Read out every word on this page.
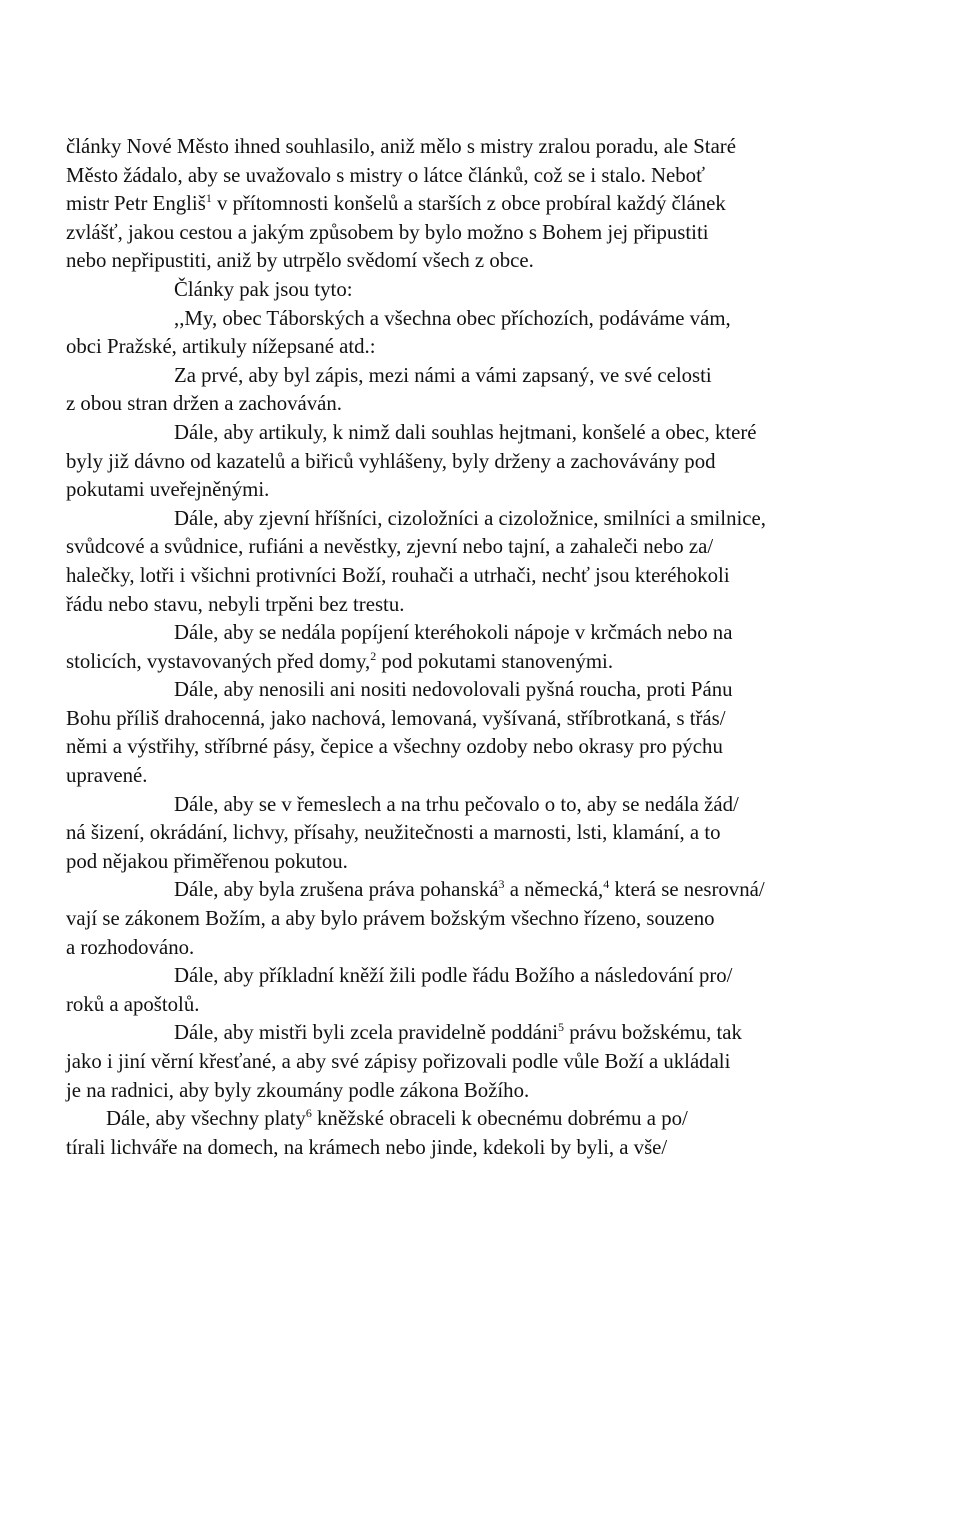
články Nové Město ihned souhlasilo, aniž mělo s mistry zralou poradu, ale Staré
Město žádalo, aby se uvažovalo s mistry o látce článků, což se i stalo. Neboť
mistr Petr Engliš$^1$ v přítomnosti konšelů a starších z obce probíral každý článek
zvlášť, jakou cestou a jakým způsobem by bylo možno s Bohem jej připustiti
nebo nepřipustiti, aniž by utrpělo svědomí všech z obce.
Články pak jsou tyto:
,,My, obec Táborských a všechna obec příchozích, podáváme vám,
obci Pražské, artikuly nížepsané atd.:
Za prvé, aby byl zápis, mezi námi a vámi zapsaný, ve své celosti
z obou stran držen a zachováván.
Dále, aby artikuly, k nimž dali souhlas hejtmani, konšelé a obec, které
byly již dávno od kazatelů a biřiců vyhlášeny, byly drženy a zachovávány pod
pokutami uveřejněnými.
Dále, aby zjevní hříšníci, cizoložníci a cizoložnice, smilníci a smilnice,
svůdcové a svůdnice, rufiáni a nevěstky, zjevní nebo tajní, a zahaleči nebo za/
halečky, lotři i všichni protivníci Boží, rouhači a utrhači, nechť jsou kteréhokoli
řádu nebo stavu, nebyli trpěni bez trestu.
Dále, aby se nedála popíjení kteréhokoli nápoje v krčmách nebo na
stolicích, vystavovaných před domy,$^2$ pod pokutami stanovenými.
Dále, aby nenosili ani nositi nedovolovali pyšná roucha, proti Pánu
Bohu příliš drahocenná, jako nachová, lemovaná, vyšívaná, stříbrotkaná, s třás/
němi a výstřihy, stříbrné pásy, čepice a všechny ozdoby nebo okrasy pro pýchu
upravené.
Dále, aby se v řemeslech a na trhu pečovalo o to, aby se nedála žád/
ná šizení, okrádání, lichvy, přísahy, neužitečnosti a marnosti, lsti, klamání, a to
pod nějakou přiměřenou pokutou.
Dále, aby byla zrušena práva pohanská$^3$ a německá,$^4$ která se nesrovná/
vají se zákonem Božím, a aby bylo právem božským všechno řízeno, souzeno
a rozhodováno.
Dále, aby příkladní kněží žili podle řádu Božího a následování pro/
roků a apoštolů.
Dále, aby mistři byli zcela pravidelně poddáni$^5$ právu božskému, tak
jako i jiní věrní křesťané, a aby své zápisy pořizovali podle vůle Boží a ukládali
je na radnici, aby byly zkoumány podle zákona Božího.
Dále, aby všechny platy$^6$ kněžské obraceli k obecnému dobrému a po/
tírali lichváře na domech, na krámech nebo jinde, kdekoli by byli, a vše/
